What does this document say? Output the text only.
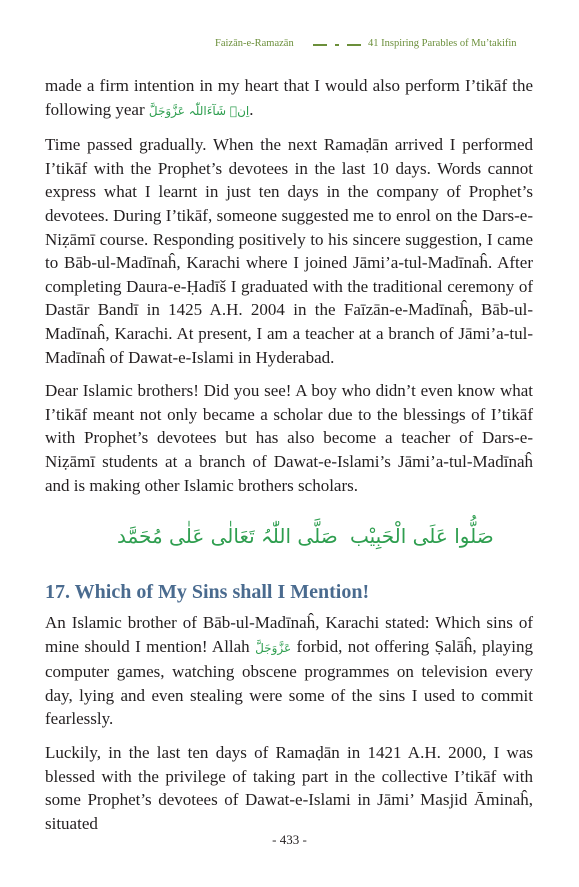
Faizān-e-Ramazān	41 Inspiring Parables of Mu’takifin

made a firm intention in my heart that I would also perform I’tikāf the following year اِنۡ شَآءَاللّٰہ عَزَّوَجَلَّ.

Time passed gradually. When the next Ramaḍān arrived I performed I’tikāf with the Prophet’s devotees in the last 10 days. Words cannot express what I learnt in just ten days in the company of Prophet’s devotees. During I’tikāf, someone suggested me to enrol on the Dars-e-Niẓāmī course. Responding positively to his sincere suggestion, I came to Bāb-ul-Madīnaĥ, Karachi where I joined Jāmi’a-tul-Madīnaĥ. After completing Daura-e-Ḥadīš I graduated with the traditional ceremony of Dastār Bandī in 1425 A.H. 2004 in the Faīzān-e-Madīnaĥ, Bāb-ul-Madīnaĥ, Karachi. At present, I am a teacher at a branch of Jāmi’a-tul-Madīnaĥ of Dawat-e-Islami in Hyderabad.

Dear Islamic brothers! Did you see! A boy who didn’t even know what I’tikāf meant not only became a scholar due to the blessings of I’tikāf with Prophet’s devotees but has also become a teacher of Dars-e-Niẓāmī students at a branch of Dawat-e-Islami’s Jāmi’a-tul-Madīnaĥ and is making other Islamic brothers scholars.

صَلَّی اللّٰہُ تَعَالٰی عَلٰی مُحَمَّد صَلُّوا عَلَی الْحَبِیْب
17. Which of My Sins shall I Mention!

An Islamic brother of Bāb-ul-Madīnaĥ, Karachi stated: Which sins of mine should I mention! Allah عَزَّوَجَلَّ forbid, not offering Ṣalāĥ, playing computer games, watching obscene programmes on television every day, lying and even stealing were some of the sins I used to commit fearlessly.

Luckily, in the last ten days of Ramaḍān in 1421 A.H. 2000, I was blessed with the privilege of taking part in the collective I’tikāf with some Prophet’s devotees of Dawat-e-Islami in Jāmi’ Masjid Āminaĥ, situated

- 433 -
